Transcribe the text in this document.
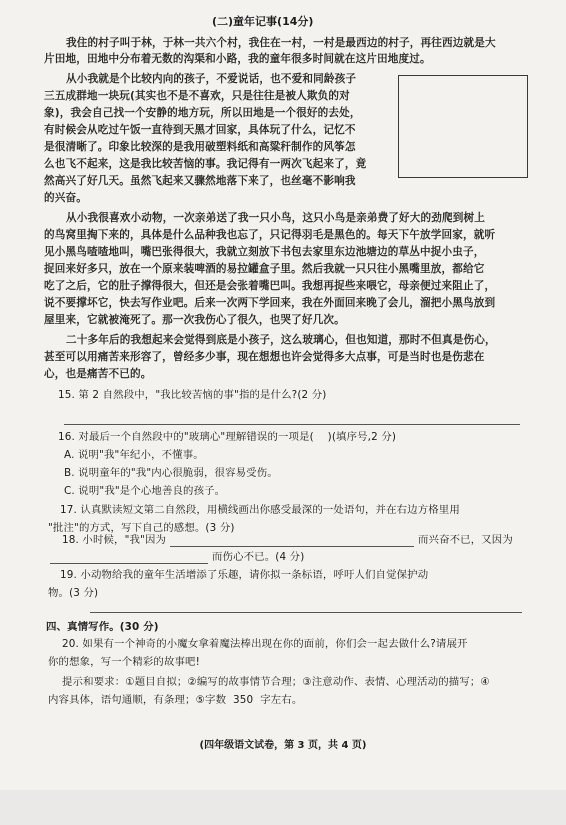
(二)童年记事(14分)

我住的村子叫于林，于林一共六个村，我住在一村，一村是最西边的村子，再往西边就是大

片田地，田地中分布着无数的沟渠和小路，我的童年很多时间就在这片田地度过。

从小我就是个比较内向的孩子，不爱说话，也不爱和同龄孩子

三五成群地一块玩(其实也不是不喜欢，只是往往是被人欺负的对

象)，我会自己找一个安静的地方玩，所以田地是一个很好的去处，

有时候会从吃过午饭一直待到天黑才回家，具体玩了什么，记忆不

是很清晰了。印象比较深的是我用破塑料纸和高粱秆制作的风筝怎

么也飞不起来，这是我比较苦恼的事。我记得有一两次飞起来了，竟

然高兴了好几天。虽然飞起来又骤然地落下来了，也丝毫不影响我

的兴奋。

从小我很喜欢小动物，一次亲弟送了我一只小鸟，这只小鸟是亲弟费了好大的劲爬到树上

的鸟窝里掏下来的，具体是什么品种我也忘了，只记得羽毛是黑色的。每天下午放学回家，就听

见小黑鸟喳喳地叫，嘴巴张得很大，我就立刻放下书包去家里东边池塘边的草丛中捉小虫子，

捉回来好多只，放在一个原来装啤酒的易拉罐盒子里。然后我就一只只往小黑嘴里放，都给它

吃了之后，它的肚子撑得很大，但还是会张着嘴巴叫。我想再捉些来喂它，母亲便过来阻止了，

说不要撑坏它，快去写作业吧。后来一次两下学回来，我在外面回来晚了会儿，溜把小黑鸟放到

屋里来，它就被淹死了。那一次我伤心了很久，也哭了好几次。

二十多年后的我想起来会觉得到底是小孩子，这么玻璃心，但也知道，那时不但真是伤心，

甚至可以用痛苦来形容了，曾经多少事，现在想想也许会觉得多大点事，可是当时也是伤悲在

心，也是痛苦不已的。

15. 第 2 自然段中，"我比较苦恼的事"指的是什么?(2 分)

16. 对最后一个自然段中的"玻璃心"理解错误的一项是(    )(填序号,2 分)

A. 说明"我"年纪小，不懂事。

B. 说明童年的"我"内心很脆弱，很容易受伤。

C. 说明"我"是个心地善良的孩子。

17. 认真默读短文第二自然段，用横线画出你感受最深的一处语句，并在右边方格里用

"批注"的方式，写下自己的感想。(3 分)

18. 小时候，"我"因为	而兴奋不已，又因为

而伤心不已。(4 分)

19. 小动物给我的童年生活增添了乐趣，请你拟一条标语，呼吁人们自觉保护动

物。(3 分)

四、真情写作。(30 分)

20. 如果有一个神奇的小魔女拿着魔法棒出现在你的面前，你们会一起去做什么?请展开

你的想象，写一个精彩的故事吧!

提示和要求：①题目自拟；②编写的故事情节合理；③注意动作、表情、心理活动的描写；④

内容具体，语句通顺，有条理；⑤字数  350  字左右。

(四年级语文试卷，第 3 页，共 4 页)
